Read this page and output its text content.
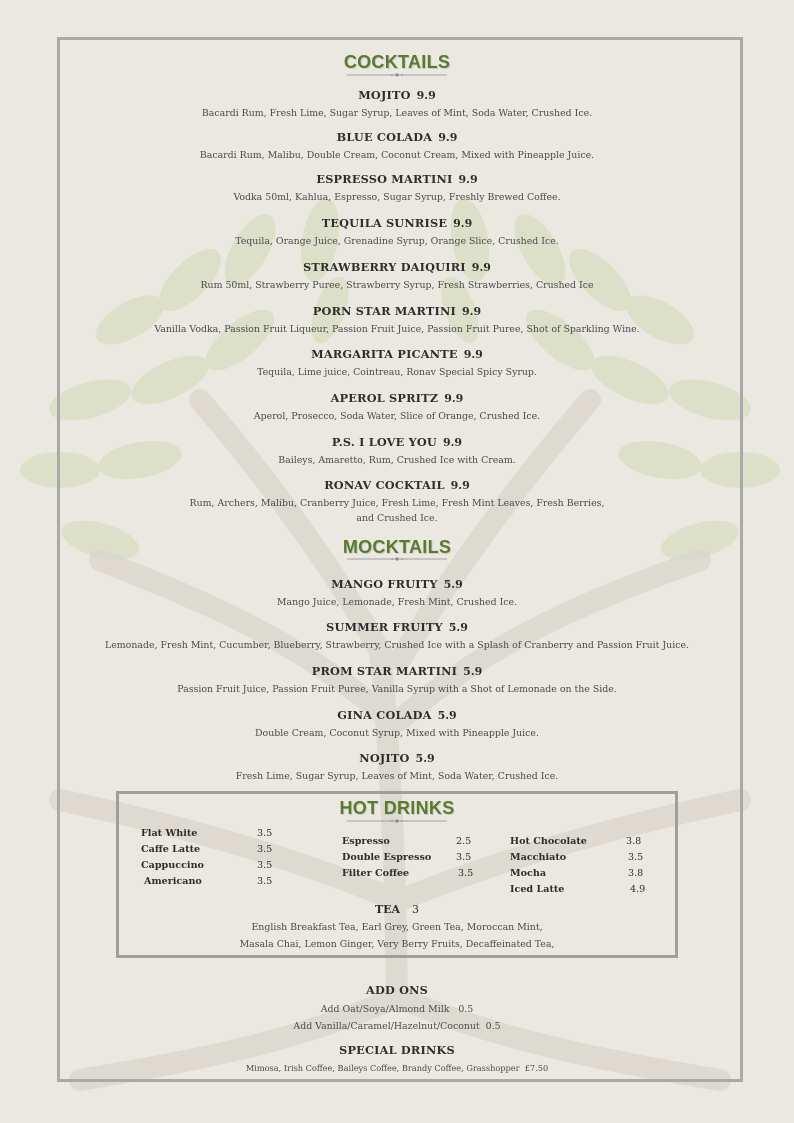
COCKTAILS
MOJITO 9.9
Bacardi Rum, Fresh Lime, Sugar Syrup, Leaves of Mint, Soda Water, Crushed Ice.
BLUE COLADA 9.9
Bacardi Rum, Malibu, Double Cream, Coconut Cream, Mixed with Pineapple Juice.
ESPRESSO MARTINI 9.9
Vodka 50ml, Kahlua, Espresso, Sugar Syrup, Freshly Brewed Coffee.
TEQUILA SUNRISE 9.9
Tequila, Orange Juice, Grenadine Syrup, Orange Slice, Crushed Ice.
STRAWBERRY DAIQUIRI 9.9
Rum 50ml, Strawberry Puree, Strawberry Syrup, Fresh Strawberries, Crushed Ice
PORN STAR MARTINI 9.9
Vanilla Vodka, Passion Fruit Liqueur, Passion Fruit Juice, Passion Fruit Puree, Shot of Sparkling Wine.
MARGARITA PICANTE 9.9
Tequila, Lime juice, Cointreau, Ronav Special Spicy Syrup.
APEROL SPRITZ 9.9
Aperol, Prosecco, Soda Water, Slice of Orange, Crushed Ice.
P.S. I LOVE YOU 9.9
Baileys, Amaretto, Rum, Crushed Ice with Cream.
RONAV COCKTAIL 9.9
Rum, Archers, Malibu, Cranberry Juice, Fresh Lime, Fresh Mint Leaves, Fresh Berries,
and Crushed Ice.
MOCKTAILS
MANGO FRUITY 5.9
Mango Juice, Lemonade, Fresh Mint, Crushed Ice.
SUMMER FRUITY 5.9
Lemonade, Fresh Mint, Cucumber, Blueberry, Strawberry, Crushed Ice with a Splash of Cranberry and Passion Fruit Juice.
PROM STAR MARTINI 5.9
Passion Fruit Juice, Passion Fruit Puree, Vanilla Syrup with a Shot of Lemonade on the Side.
GINA COLADA 5.9
Double Cream, Coconut Syrup, Mixed with Pineapple Juice.
NOJITO 5.9
Fresh Lime, Sugar Syrup, Leaves of Mint, Soda Water, Crushed Ice.
HOT DRINKS
Flat White	3.5
Caffe Latte	3.5
Cappuccino	3.5
Americano	3.5
Espresso	2.5
Double Espresso	3.5
Filter Coffee	3.5
Hot Chocolate	3.8
Macchiato	3.5
Mocha	3.8
Iced Latte	4.9
TEA 3
English Breakfast Tea, Earl Grey, Green Tea, Moroccan Mint,
Masala Chai, Lemon Ginger, Very Berry Fruits, Decaffeinated Tea,
ADD ONS
Add Oat/Soya/Almond Milk   0.5
Add Vanilla/Caramel/Hazelnut/Coconut  0.5
SPECIAL DRINKS
Mimosa, Irish Coffee, Baileys Coffee, Brandy Coffee, Grasshopper  £7.50
